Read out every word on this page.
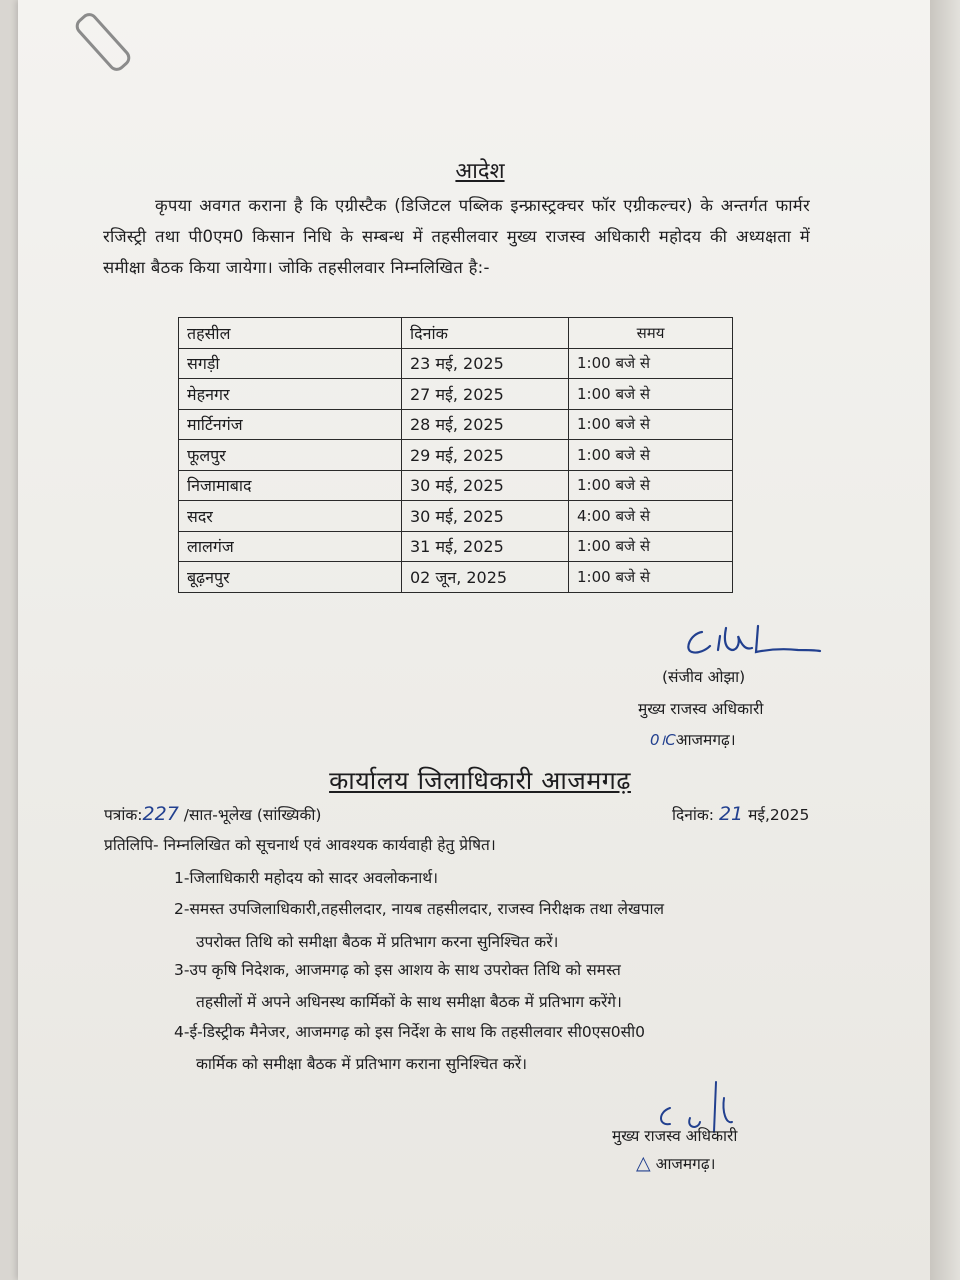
आदेश
कृपया अवगत कराना है कि एग्रीस्टैक (डिजिटल पब्लिक इन्फ्रास्ट्रक्चर फॉर एग्रीकल्चर) के अन्तर्गत फार्मर रजिस्ट्री तथा पी0एम0 किसान निधि के सम्बन्ध में तहसीलवार मुख्य राजस्व अधिकारी महोदय की अध्यक्षता में समीक्षा बैठक किया जायेगा। जोकि तहसीलवार निम्नलिखित है:-
तहसील	दिनांक	समय
सगड़ी	23 मई, 2025	1:00 बजे से
मेहनगर	27 मई, 2025	1:00 बजे से
मार्टिनगंज	28 मई, 2025	1:00 बजे से
फूलपुर	29 मई, 2025	1:00 बजे से
निजामाबाद	30 मई, 2025	1:00 बजे से
सदर	30 मई, 2025	4:00 बजे से
लालगंज	31 मई, 2025	1:00 बजे से
बूढ़नपुर	02 जून, 2025	1:00 बजे से
(संजीव ओझा)
मुख्य राजस्व अधिकारी
0।Cआजमगढ़।
कार्यालय जिलाधिकारी आजमगढ़
पत्रांक:227 /सात-भूलेख (सांख्यिकी)	दिनांक: 21 मई,2025
प्रतिलिपि- निम्नलिखित को सूचनार्थ एवं आवश्यक कार्यवाही हेतु प्रेषित।
1-जिलाधिकारी महोदय को सादर अवलोकनार्थ।
2-समस्त उपजिलाधिकारी,तहसीलदार, नायब तहसीलदार, राजस्व निरीक्षक तथा लेखपाल
उपरोक्त तिथि को समीक्षा बैठक में प्रतिभाग करना सुनिश्चित करें।
3-उप कृषि निदेशक, आजमगढ़ को इस आशय के साथ उपरोक्त तिथि को समस्त
तहसीलों में अपने अधिनस्थ कार्मिकों के साथ समीक्षा बैठक में प्रतिभाग करेंगे।
4-ई-डिस्ट्रीक मैनेजर, आजमगढ़ को इस निर्देश के साथ कि तहसीलवार सी0एस0सी0
कार्मिक को समीक्षा बैठक में प्रतिभाग कराना सुनिश्चित करें।
मुख्य राजस्व अधिकारी
△ आजमगढ़।
